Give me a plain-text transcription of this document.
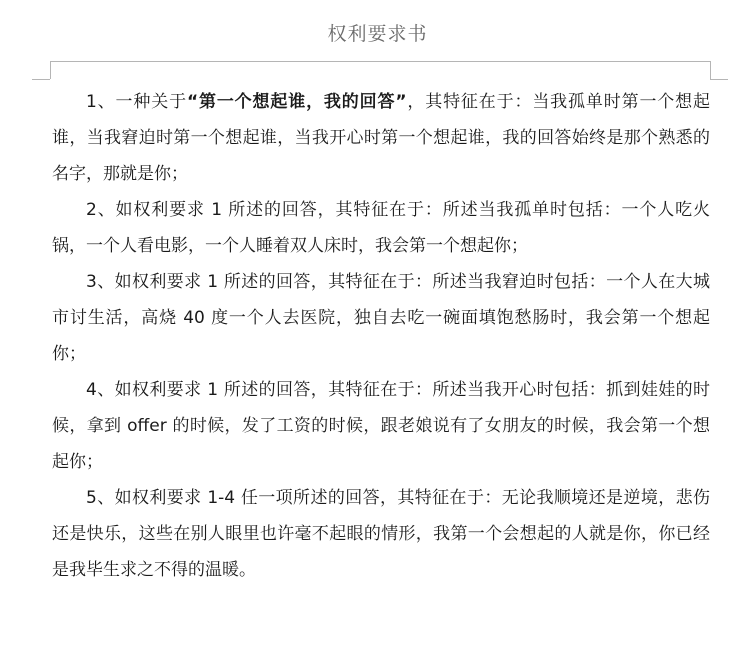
权利要求书

1、一种关于“第一个想起谁，我的回答”，其特征在于：当我孤单时第一个想起谁，当我窘迫时第一个想起谁，当我开心时第一个想起谁，我的回答始终是那个熟悉的名字，那就是你；

2、如权利要求 1 所述的回答，其特征在于：所述当我孤单时包括：一个人吃火锅，一个人看电影，一个人睡着双人床时，我会第一个想起你；

3、如权利要求 1 所述的回答，其特征在于：所述当我窘迫时包括：一个人在大城市讨生活，高烧 40 度一个人去医院，独自去吃一碗面填饱愁肠时，我会第一个想起你；

4、如权利要求 1 所述的回答，其特征在于：所述当我开心时包括：抓到娃娃的时候，拿到 offer 的时候，发了工资的时候，跟老娘说有了女朋友的时候，我会第一个想起你；

5、如权利要求 1-4 任一项所述的回答，其特征在于：无论我顺境还是逆境，悲伤还是快乐，这些在别人眼里也许毫不起眼的情形，我第一个会想起的人就是你，你已经是我毕生求之不得的温暖。
